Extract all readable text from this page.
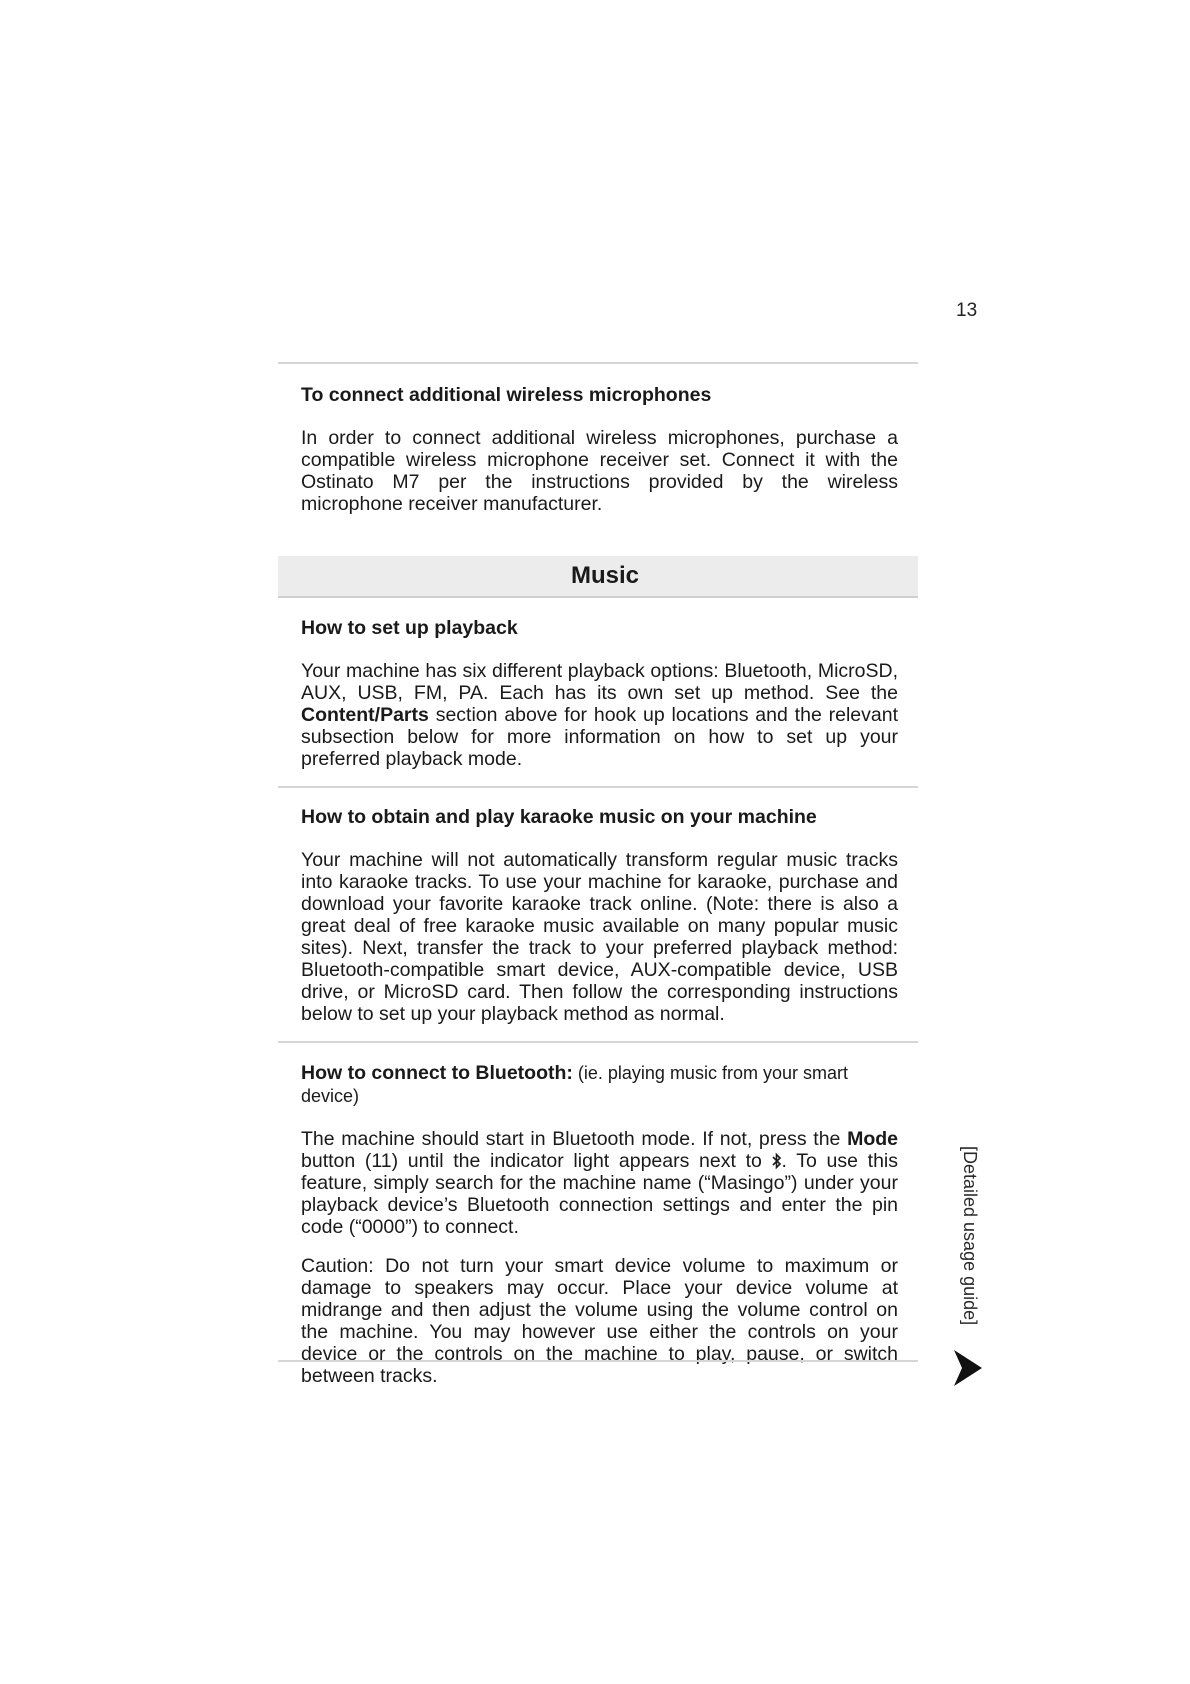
13
To connect additional wireless microphones

In order to connect additional wireless microphones, purchase a compatible wireless microphone receiver set. Connect it with the Ostinato M7 per the instructions provided by the wireless microphone receiver manufacturer.

Music
How to set up playback

Your machine has six different playback options: Bluetooth, MicroSD, AUX, USB, FM, PA. Each has its own set up method. See the Content/Parts section above for hook up locations and the relevant subsection below for more information on how to set up your preferred playback mode.

How to obtain and play karaoke music on your machine

Your machine will not automatically transform regular music tracks into karaoke tracks. To use your machine for karaoke, purchase and download your favorite karaoke track online. (Note: there is also a great deal of free karaoke music available on many popular music sites). Next, transfer the track to your preferred playback method: Bluetooth-compatible smart device, AUX-compatible device, USB drive, or MicroSD card. Then follow the corresponding instructions below to set up your playback method as normal.

How to connect to Bluetooth: (ie. playing music from your smart device)

The machine should start in Bluetooth mode. If not, press the Mode button (11) until the indicator light appears next to . To use this feature, simply search for the machine name (“Masingo”) under your playback device’s Bluetooth connection settings and enter the pin code (“0000”) to connect.

Caution: Do not turn your smart device volume to maximum or damage to speakers may occur. Place your device volume at midrange and then adjust the volume using the volume control on the machine. You may however use either the controls on your device or the controls on the machine to play, pause, or switch between tracks.

[Detailed usage guide]
